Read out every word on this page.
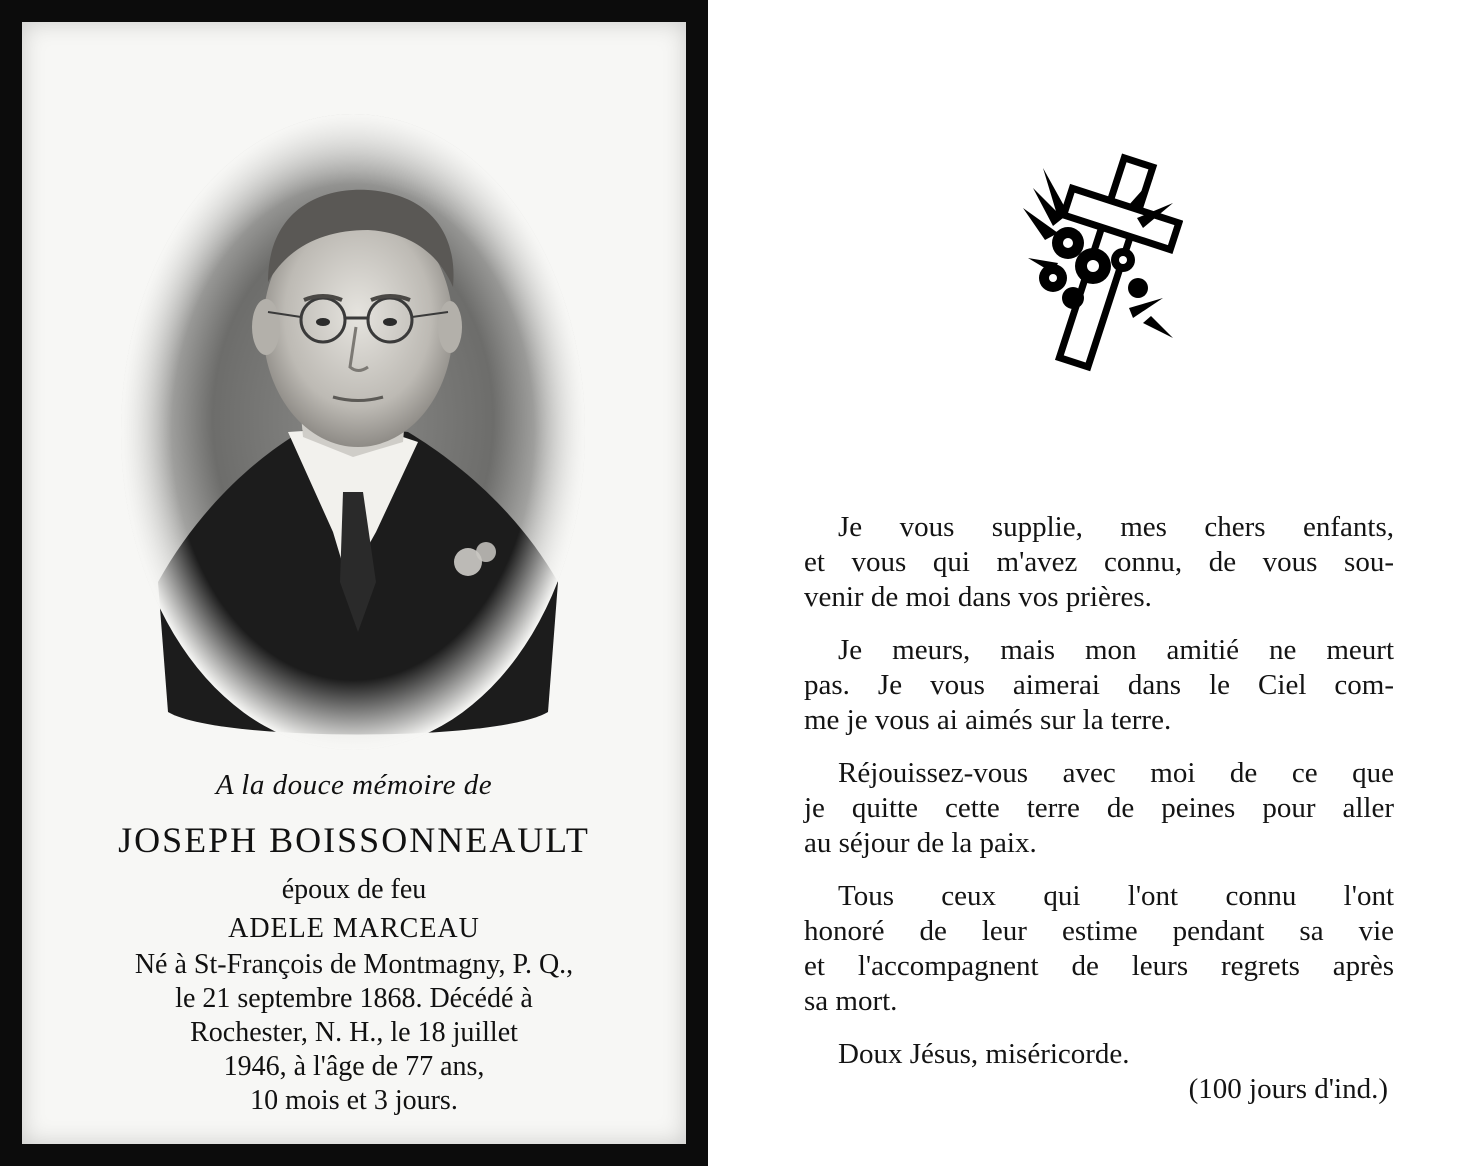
A la douce mémoire de

JOSEPH BOISSONNEAULT

époux de feu

ADELE MARCEAU

Né à St-François de Montmagny, P. Q.,
le 21 septembre 1868. Décédé à
Rochester, N. H., le 18 juillet
1946, à l'âge de 77 ans,
10 mois et 3 jours.
Je vous supplie, mes chers enfants,
et vous qui m'avez connu, de vous sou-
venir de moi dans vos prières.
Je meurs, mais mon amitié ne meurt
pas. Je vous aimerai dans le Ciel com-
me je vous ai aimés sur la terre.
Réjouissez-vous avec moi de ce que
je quitte cette terre de peines pour aller
au séjour de la paix.
Tous ceux qui l'ont connu l'ont
honoré de leur estime pendant sa vie
et l'accompagnent de leurs regrets après
sa mort.

Doux Jésus, miséricorde.

(100 jours d'ind.)
